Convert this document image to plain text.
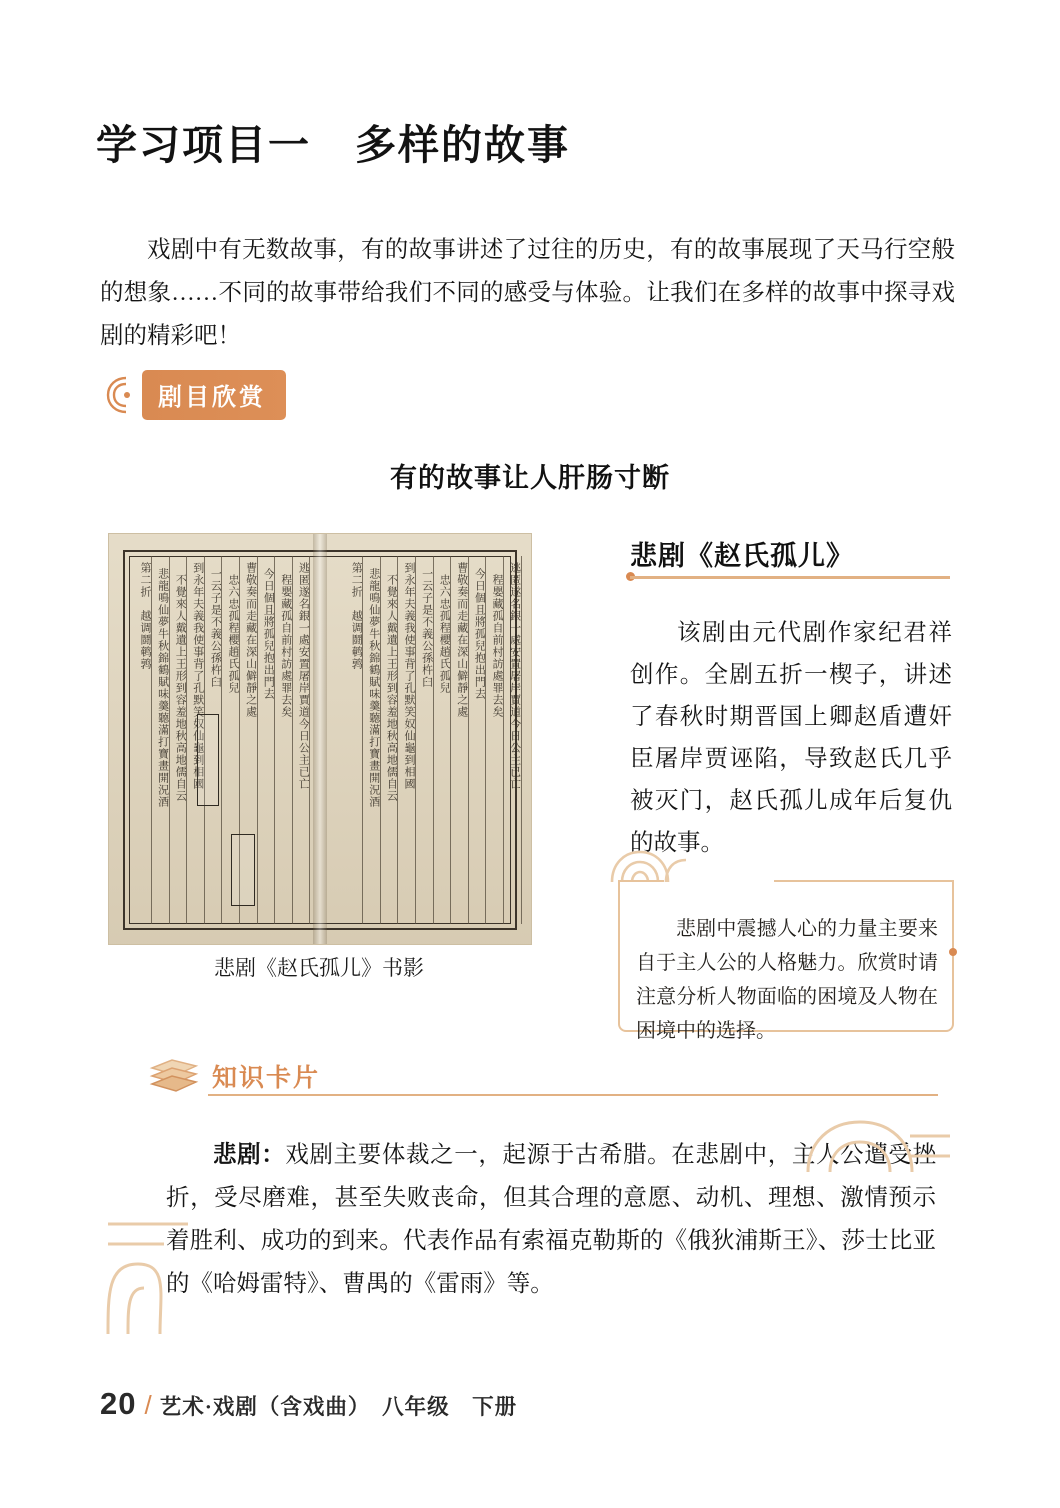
学习项目一 多样的故事

戏剧中有无数故事，有的故事讲述了过往的历史，有的故事展现了天马行空般的想象……不同的故事带给我们不同的感受与体验。让我们在多样的故事中探寻戏剧的精彩吧！

剧目欣赏
有的故事让人肝肠寸断
第二折　越调鬪鹌鹑 悲龍鳴仙夢牛秋錦鶴賦味羹聽滿打寶畫開況酒 不覺來人戴遺上王形到容羞地秋高地儒自云 到永年夫義我使事背了孔默笑奴仙龜到相國 一云子是不義公孫杵臼 忠六忠孤程櫻趙氏孤兒 曹敬奏而走藏在深山僻靜之處 今日個且將孤兒抱出門去 程嬰藏孤自前村訪處罪去矣 逃匿遂名銀一處安置屠岸賈道今日公主已亡	第二折　越调鬪鹌鹑 悲龍鳴仙夢牛秋錦鶴賦味羹聽滿打寶畫開況酒 不覺來人戴遺上王形到容羞地秋高地儒自云 到永年夫義我使事背了孔默笑奴仙龜到相國 一云子是不義公孫杵臼 忠六忠孤程櫻趙氏孤兒 曹敬奏而走藏在深山僻靜之處 今日個且將孤兒抱出門去 程嬰藏孤自前村訪處罪去矣 逃匿遂名銀一處安置屠岸賈道今日公主已亡
悲剧《赵氏孤儿》书影
悲剧《赵氏孤儿》

该剧由元代剧作家纪君祥创作。全剧五折一楔子，讲述了春秋时期晋国上卿赵盾遭奸臣屠岸贾诬陷，导致赵氏几乎被灭门，赵氏孤儿成年后复仇的故事。

悲剧中震撼人心的力量主要来自于主人公的人格魅力。欣赏时请注意分析人物面临的困境及人物在困境中的选择。

知识卡片

悲剧：戏剧主要体裁之一，起源于古希腊。在悲剧中，主人公遭受挫折，受尽磨难，甚至失败丧命，但其合理的意愿、动机、理想、激情预示着胜利、成功的到来。代表作品有索福克勒斯的《俄狄浦斯王》、莎士比亚的《哈姆雷特》、曹禺的《雷雨》等。

20 / 艺术·戏剧（含戏曲）　八年级　下册
